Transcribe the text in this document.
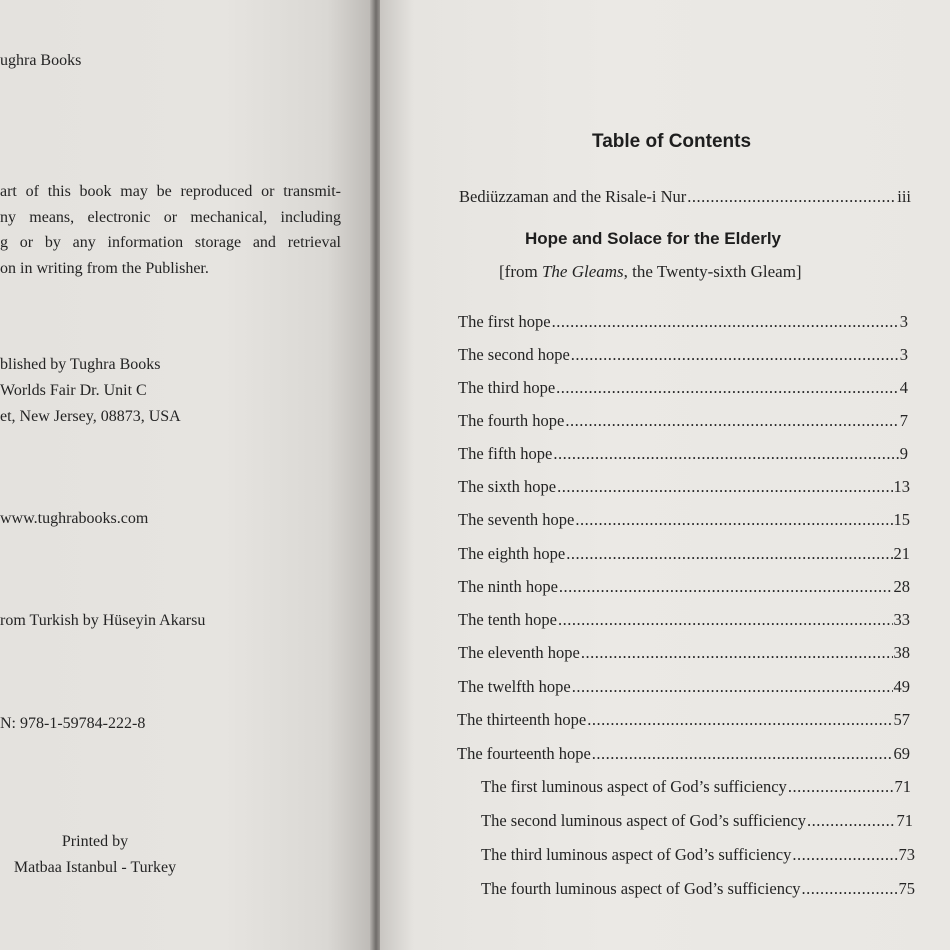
ughra Books
art of this book may be reproduced or transmit-
ny means, electronic or mechanical, including
g or by any information storage and retrieval
on in writing from the Publisher.
blished by Tughra Books
Worlds Fair Dr. Unit C
et, New Jersey, 08873, USA
www.tughrabooks.com
rom Turkish by Hüseyin Akarsu
N: 978-1-59784-222-8
Printed by
Matbaa Istanbul - Turkey
Table of Contents
Bediüzzaman and the Risale-i Nur .....	iii
Hope and Solace for the Elderly
[from The Gleams, the Twenty-sixth Gleam]
The first hope .....	3
The second hope .....	3
The third hope .....	4
The fourth hope .....	7
The fifth hope .....	9
The sixth hope .....	13
The seventh hope .....	15
The eighth hope .....	21
The ninth hope .....	28
The tenth hope .....	33
The eleventh hope .....	38
The twelfth hope .....	49
The thirteenth hope .....	57
The fourteenth hope .....	69
The first luminous aspect of God’s sufficiency .....	71
The second luminous aspect of God’s sufficiency .....	71
The third luminous aspect of God’s sufficiency .....	73
The fourth luminous aspect of God’s sufficiency .....	75
